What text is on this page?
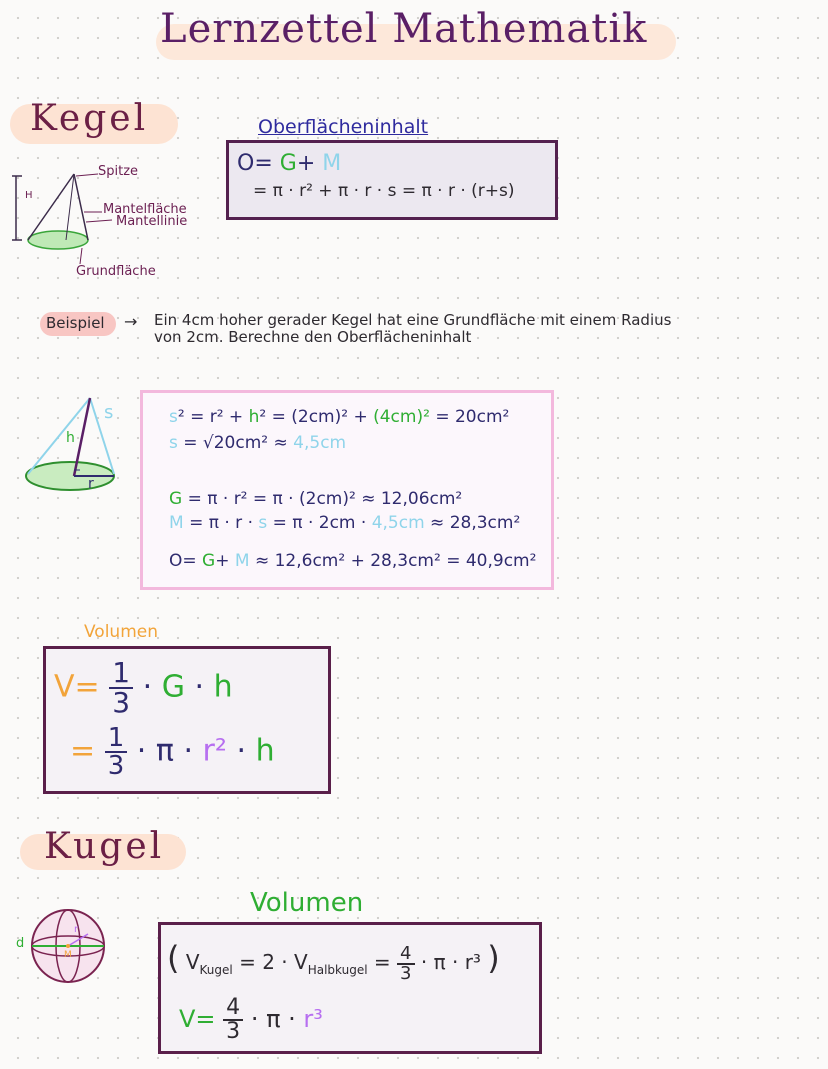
Lernzettel Mathematik
Kegel
H
Spitze
Mantelfläche
Mantellinie
Grundfläche
Oberflächeninhalt
O= G+ M
= π · r² + π · r · s = π · r · (r+s)
Beispiel → Ein 4cm hoher gerader Kegel hat eine Grundfläche mit einem Radius von 2cm. Berechne den Oberflächeninhalt
s
h
r
s² = r² + h² = (2cm)² + (4cm)² = 20cm²
s = √20cm² ≈ 4,5cm
G = π · r² = π · (2cm)² ≈ 12,06cm²
M = π · r · s = π · 2cm · 4,5cm ≈ 28,3cm²
O= G+ M ≈ 12,6cm² + 28,3cm² = 40,9cm²
Volumen
$V= \frac{1}{3} \cdot G \cdot h$
= $\frac{1}{3} \cdot \pi \cdot r^2 \cdot h$
Kugel
d
r
M
Volumen
( $V_{Kugel} = 2 \cdot V_{Halbkugel} = \frac{4}{3} \cdot \pi \cdot r^3$ )
$V= \frac{4}{3} \cdot \pi \cdot r^3$
